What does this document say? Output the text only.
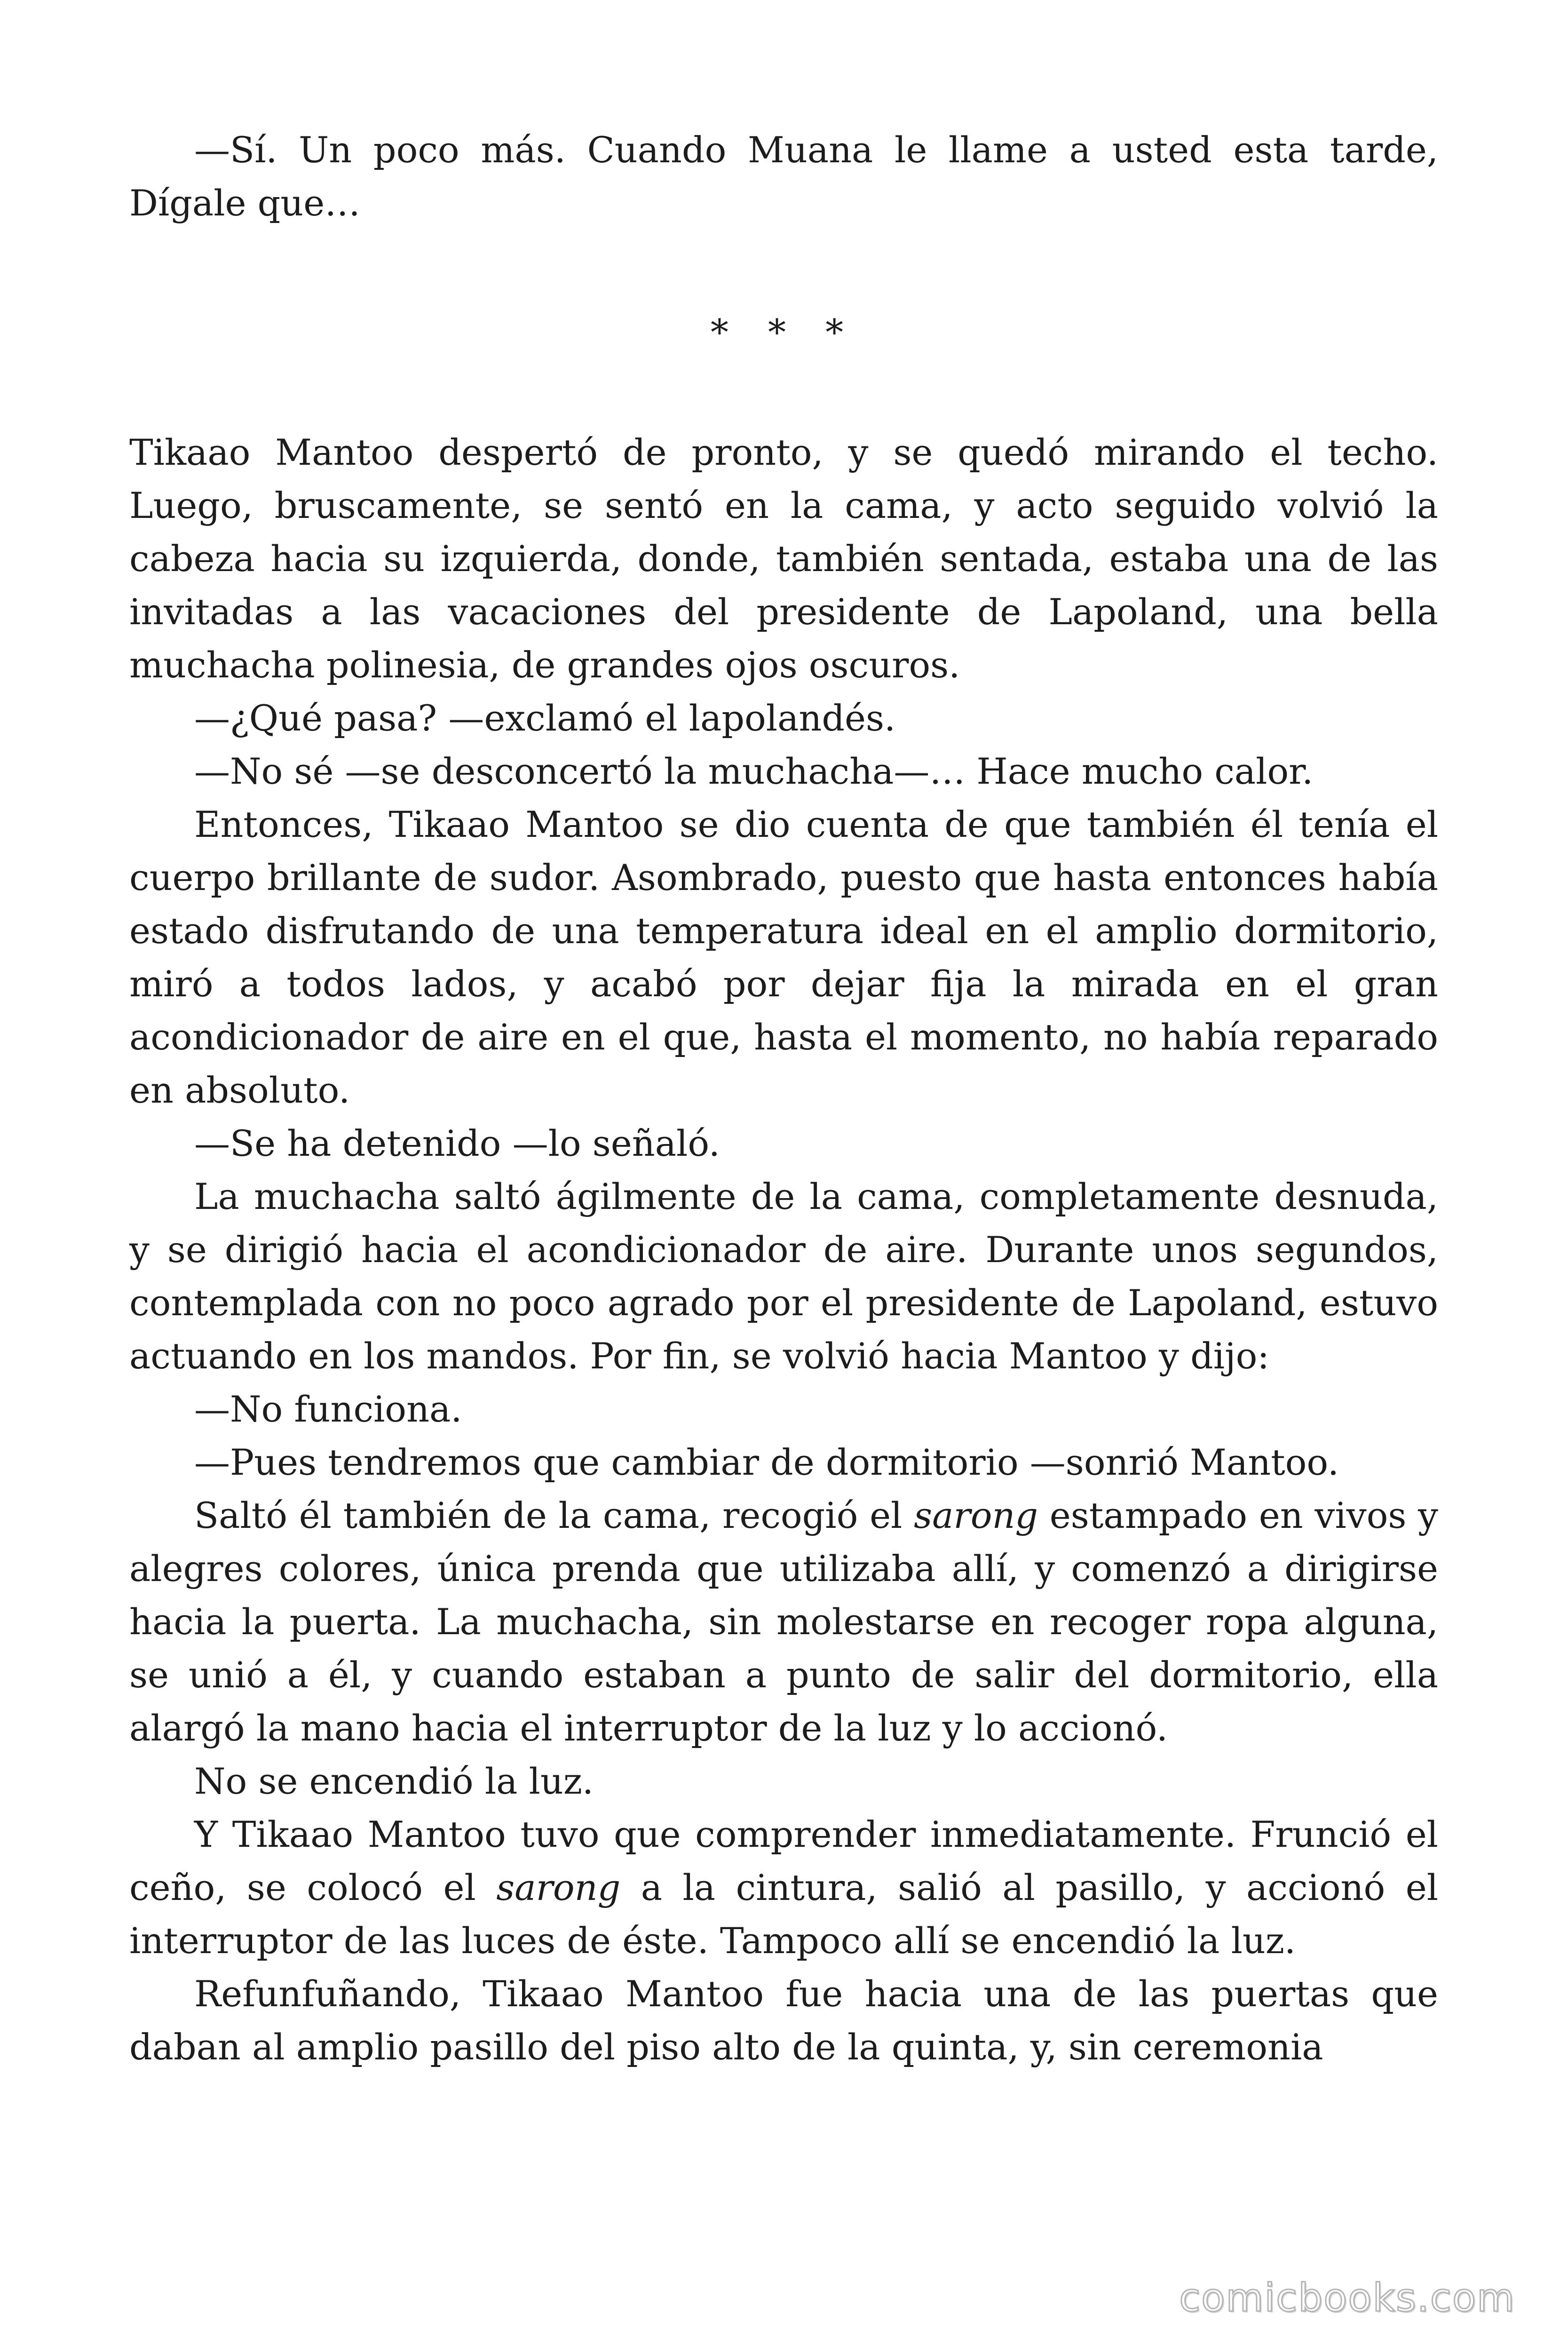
—Sí. Un poco más. Cuando Muana le llame a usted esta tarde, Dígale que…

* * *

Tikaao Mantoo despertó de pronto, y se quedó mirando el techo. Luego, bruscamente, se sentó en la cama, y acto seguido volvió la cabeza hacia su izquierda, donde, también sentada, estaba una de las invitadas a las vacaciones del presidente de Lapoland, una bella muchacha polinesia, de grandes ojos oscuros.

—¿Qué pasa? —exclamó el lapolandés.

—No sé —se desconcertó la muchacha—… Hace mucho calor.

Entonces, Tikaao Mantoo se dio cuenta de que también él tenía el cuerpo brillante de sudor. Asombrado, puesto que hasta entonces había estado disfrutando de una temperatura ideal en el amplio dormitorio, miró a todos lados, y acabó por dejar fija la mirada en el gran acondicionador de aire en el que, hasta el momento, no había reparado en absoluto.

—Se ha detenido —lo señaló.

La muchacha saltó ágilmente de la cama, completamente desnuda, y se dirigió hacia el acondicionador de aire. Durante unos segundos, contemplada con no poco agrado por el presidente de Lapoland, estuvo actuando en los mandos. Por fin, se volvió hacia Mantoo y dijo:

—No funciona.

—Pues tendremos que cambiar de dormitorio —sonrió Mantoo.

Saltó él también de la cama, recogió el sarong estampado en vivos y alegres colores, única prenda que utilizaba allí, y comenzó a dirigirse hacia la puerta. La muchacha, sin molestarse en recoger ropa alguna, se unió a él, y cuando estaban a punto de salir del dormitorio, ella alargó la mano hacia el interruptor de la luz y lo accionó.

No se encendió la luz.

Y Tikaao Mantoo tuvo que comprender inmediatamente. Frunció el ceño, se colocó el sarong a la cintura, salió al pasillo, y accionó el interruptor de las luces de éste. Tampoco allí se encendió la luz.

Refunfuñando, Tikaao Mantoo fue hacia una de las puertas que daban al amplio pasillo del piso alto de la quinta, y, sin ceremonia

comicbooks.com
